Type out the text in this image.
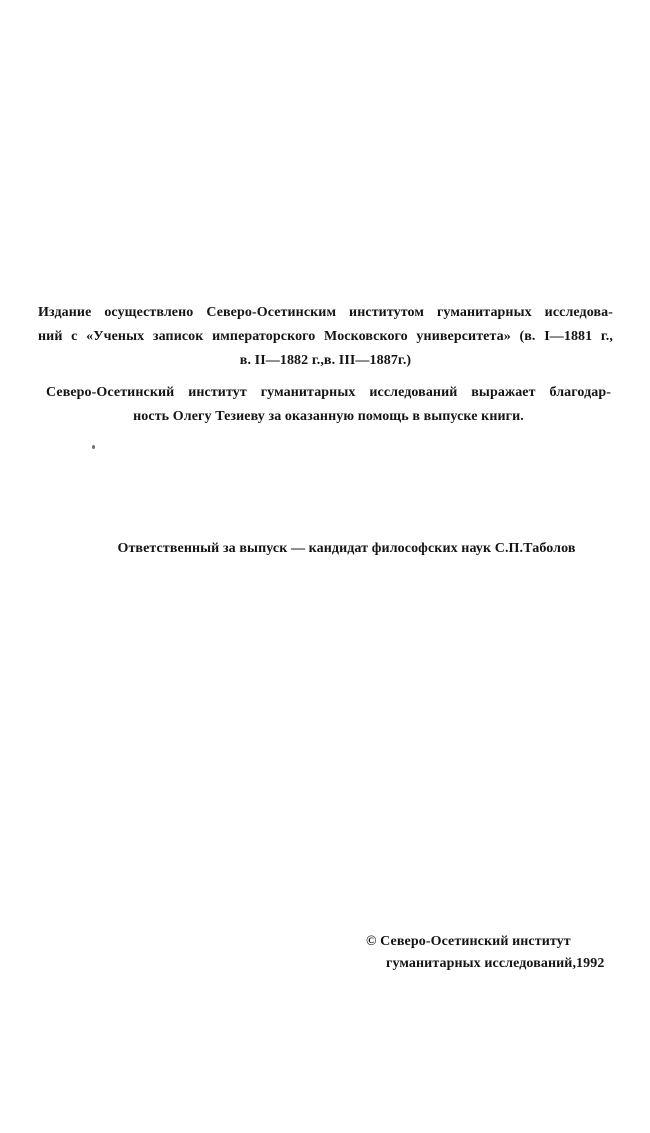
Издание осуществлено Северо-Осетинским институтом гуманитарных исследова-
ний с «Ученых записок императорского Московского университета» (в. I—1881 г.,
в. II—1882 г.,в. III—1887г.)
Северо-Осетинский институт гуманитарных исследований выражает благодар-
ность Олегу Тезиеву за оказанную помощь в выпуске книги.
Ответственный за выпуск — кандидат философских наук С.П.Таболов
© Северо-Осетинский институт
гуманитарных исследований,1992
